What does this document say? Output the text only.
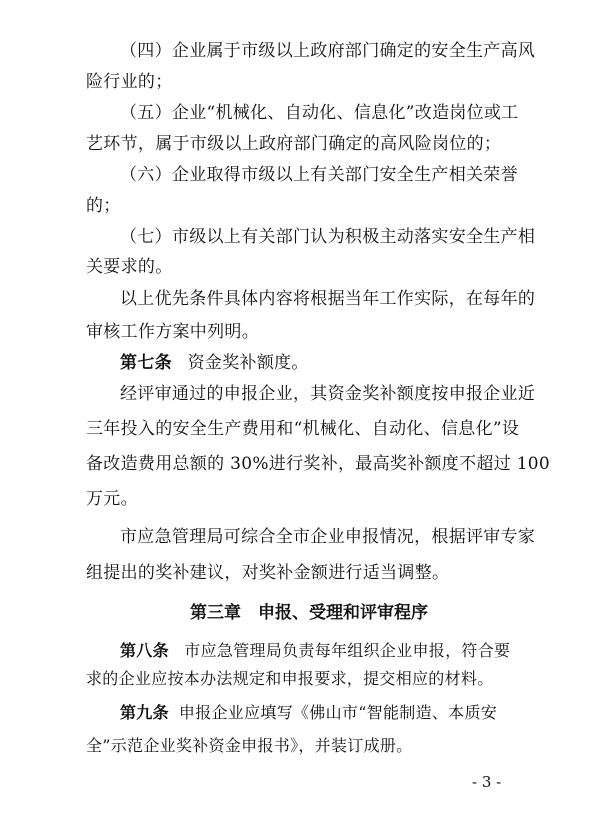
（四）企业属于市级以上政府部门确定的安全生产高风
险行业的；
（五）企业“机械化、自动化、信息化”改造岗位或工
艺环节，属于市级以上政府部门确定的高风险岗位的；
（六）企业取得市级以上有关部门安全生产相关荣誉
的；
（七）市级以上有关部门认为积极主动落实安全生产相
关要求的。
以上优先条件具体内容将根据当年工作实际，在每年的
审核工作方案中列明。
第七条 资金奖补额度。
经评审通过的申报企业，其资金奖补额度按申报企业近
三年投入的安全生产费用和“机械化、自动化、信息化”设
备改造费用总额的 30%进行奖补，最高奖补额度不超过 100
万元。
市应急管理局可综合全市企业申报情况，根据评审专家
组提出的奖补建议，对奖补金额进行适当调整。
第三章　申报、受理和评审程序
第八条 市应急管理局负责每年组织企业申报，符合要
求的企业应按本办法规定和申报要求，提交相应的材料。
第九条 申报企业应填写《佛山市“智能制造、本质安
全”示范企业奖补资金申报书》，并装订成册。
- 3 -
